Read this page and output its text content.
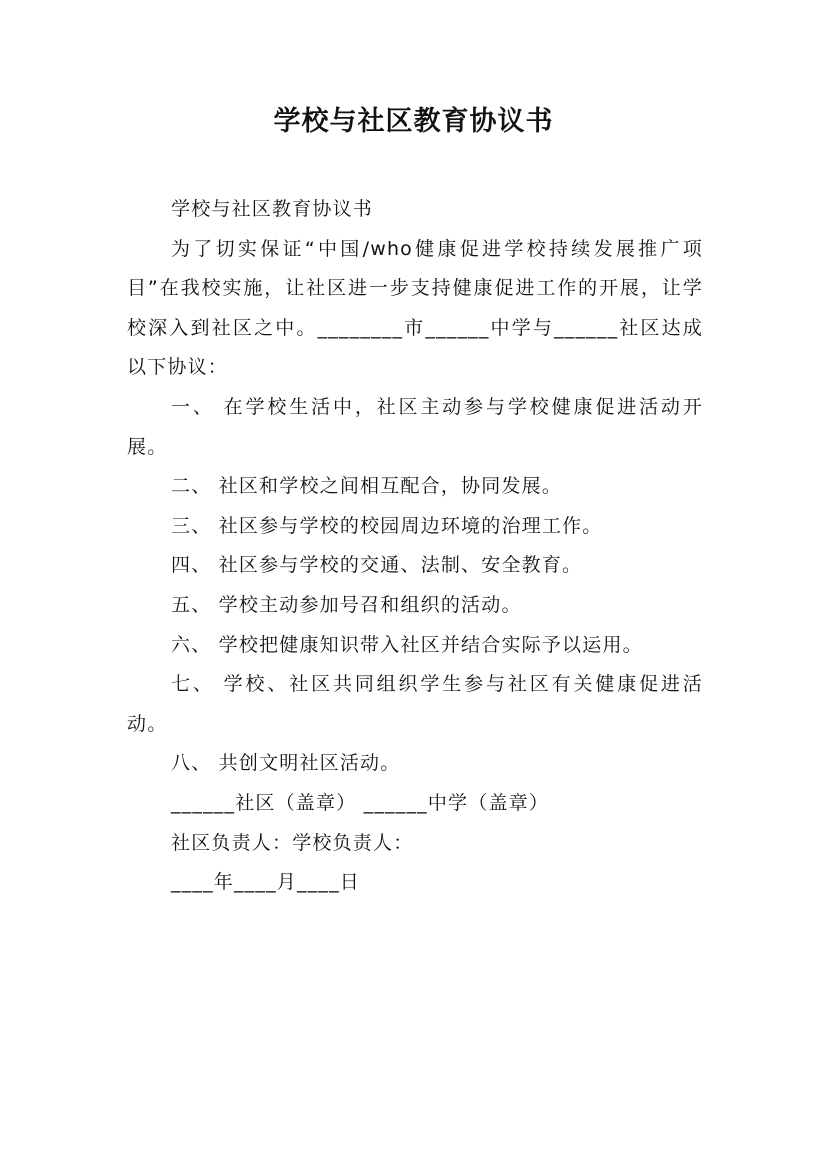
学校与社区教育协议书

学校与社区教育协议书

为了切实保证“中国/who健康促进学校持续发展推广项目”在我校实施，让社区进一步支持健康促进工作的开展，让学校深入到社区之中。________市______中学与______社区达成以下协议：

一、 在学校生活中，社区主动参与学校健康促进活动开展。

二、 社区和学校之间相互配合，协同发展。

三、 社区参与学校的校园周边环境的治理工作。

四、 社区参与学校的交通、法制、安全教育。

五、 学校主动参加号召和组织的活动。

六、 学校把健康知识带入社区并结合实际予以运用。

七、 学校、社区共同组织学生参与社区有关健康促进活动。

八、 共创文明社区活动。

______社区（盖章） ______中学（盖章）

社区负责人：学校负责人：

____年____月____日
